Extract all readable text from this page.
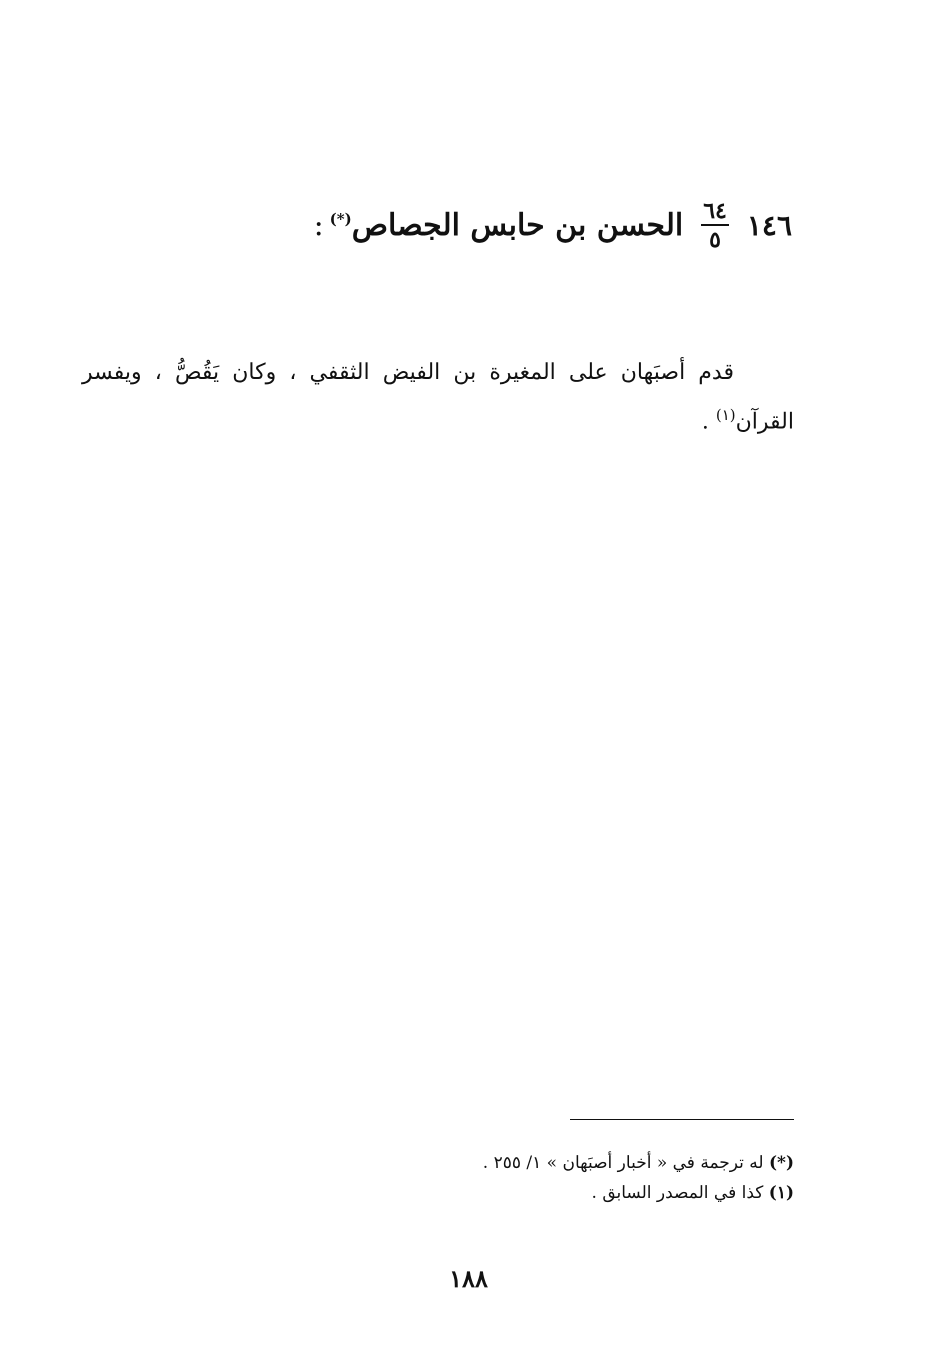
١٤٦
$\frac{٦٤}{٥}$
الحسن بن حابس الجصاص(*):
قدم أصبَهان على المغيرة بن الفيض الثقفي ، وكان يَقُصُّ ، ويفسر القرآن$^{(١)}$ .
(*) له ترجمة في « أخبار أصبَهان » ١/ ٢٥٥ .
(١) كذا في المصدر السابق .
١٨٨
